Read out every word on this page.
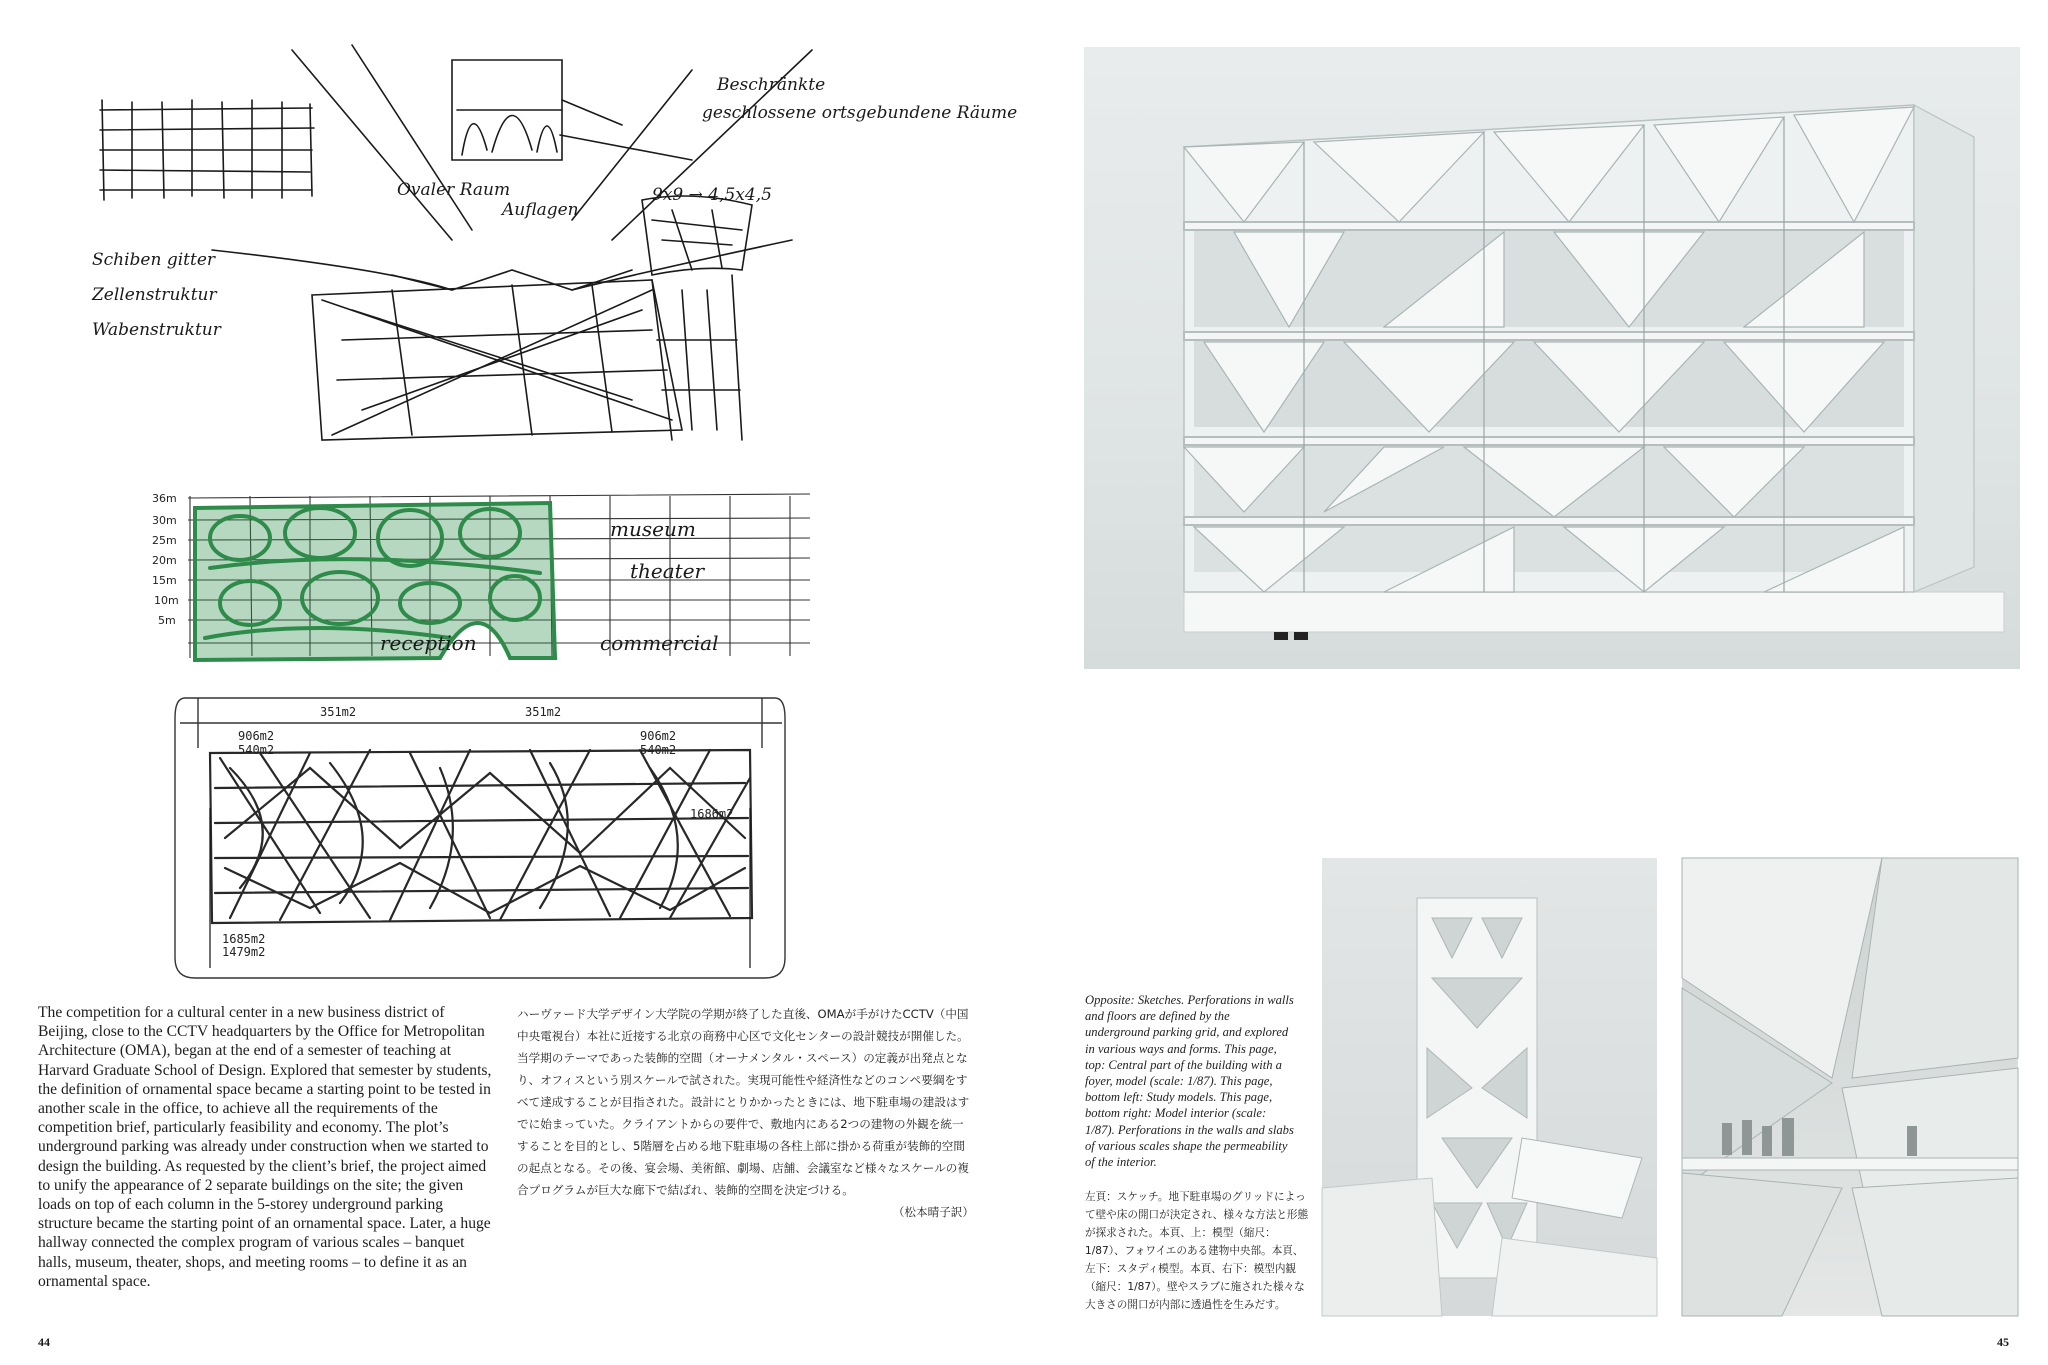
Beschränkte
geschlossene ortsgebundene Räume
Ovaler Raum
Auflagen
9x9 → 4,5x4,5
Schiben gitter
Zellenstruktur
Wabenstruktur
36m
30m
25m
20m
15m
10m
5m
museum
theater
commercial
reception
351m2	351m2
906m2
540m2
906m2
540m2
1685m2
1479m2
1686m2
The competition for a cultural center in a new business district of Beijing, close to the CCTV headquarters by the Office for Metropolitan Architecture (OMA), began at the end of a semester of teaching at Harvard Graduate School of Design. Explored that semester by students, the definition of ornamental space became a starting point to be tested in another scale in the office, to achieve all the requirements of the competition brief, particularly feasibility and economy. The plot’s underground parking was already under construction when we started to design the building. As requested by the client’s brief, the project aimed to unify the appearance of 2 separate buildings on the site; the given loads on top of each column in the 5-storey underground parking structure became the starting point of an ornamental space. Later, a huge hallway connected the complex program of various scales – banquet halls, museum, theater, shops, and meeting rooms – to define it as an ornamental space.
ハーヴァード大学デザイン大学院の学期が終了した直後、OMAが手がけたCCTV（中国中央電視台）本社に近接する北京の商務中心区で文化センターの設計競技が開催した。当学期のテーマであった装飾的空間（オーナメンタル・スペース）の定義が出発点となり、オフィスという別スケールで試された。実現可能性や経済性などのコンペ要綱をすべて達成することが目指された。設計にとりかかったときには、地下駐車場の建設はすでに始まっていた。クライアントからの要件で、敷地内にある2つの建物の外観を統一することを目的とし、5階層を占める地下駐車場の各柱上部に掛かる荷重が装飾的空間の起点となる。その後、宴会場、美術館、劇場、店舗、会議室など様々なスケールの複合プログラムが巨大な廊下で結ばれ、装飾的空間を決定づける。
（松本晴子訳）
44
Opposite: Sketches. Perforations in walls and floors are defined by the underground parking grid, and explored in various ways and forms. This page, top: Central part of the building with a foyer, model (scale: 1/87). This page, bottom left: Study models. This page, bottom right: Model interior (scale: 1/87). Perforations in the walls and slabs of various scales shape the permeability of the interior.
左頁：スケッチ。地下駐車場のグリッドによって壁や床の開口が決定され、様々な方法と形態が探求された。本頁、上：模型（縮尺：1/87）、フォワイエのある建物中央部。本頁、左下：スタディ模型。本頁、右下：模型内観（縮尺：1/87）。壁やスラブに施された様々な大きさの開口が内部に透過性を生みだす。
45
